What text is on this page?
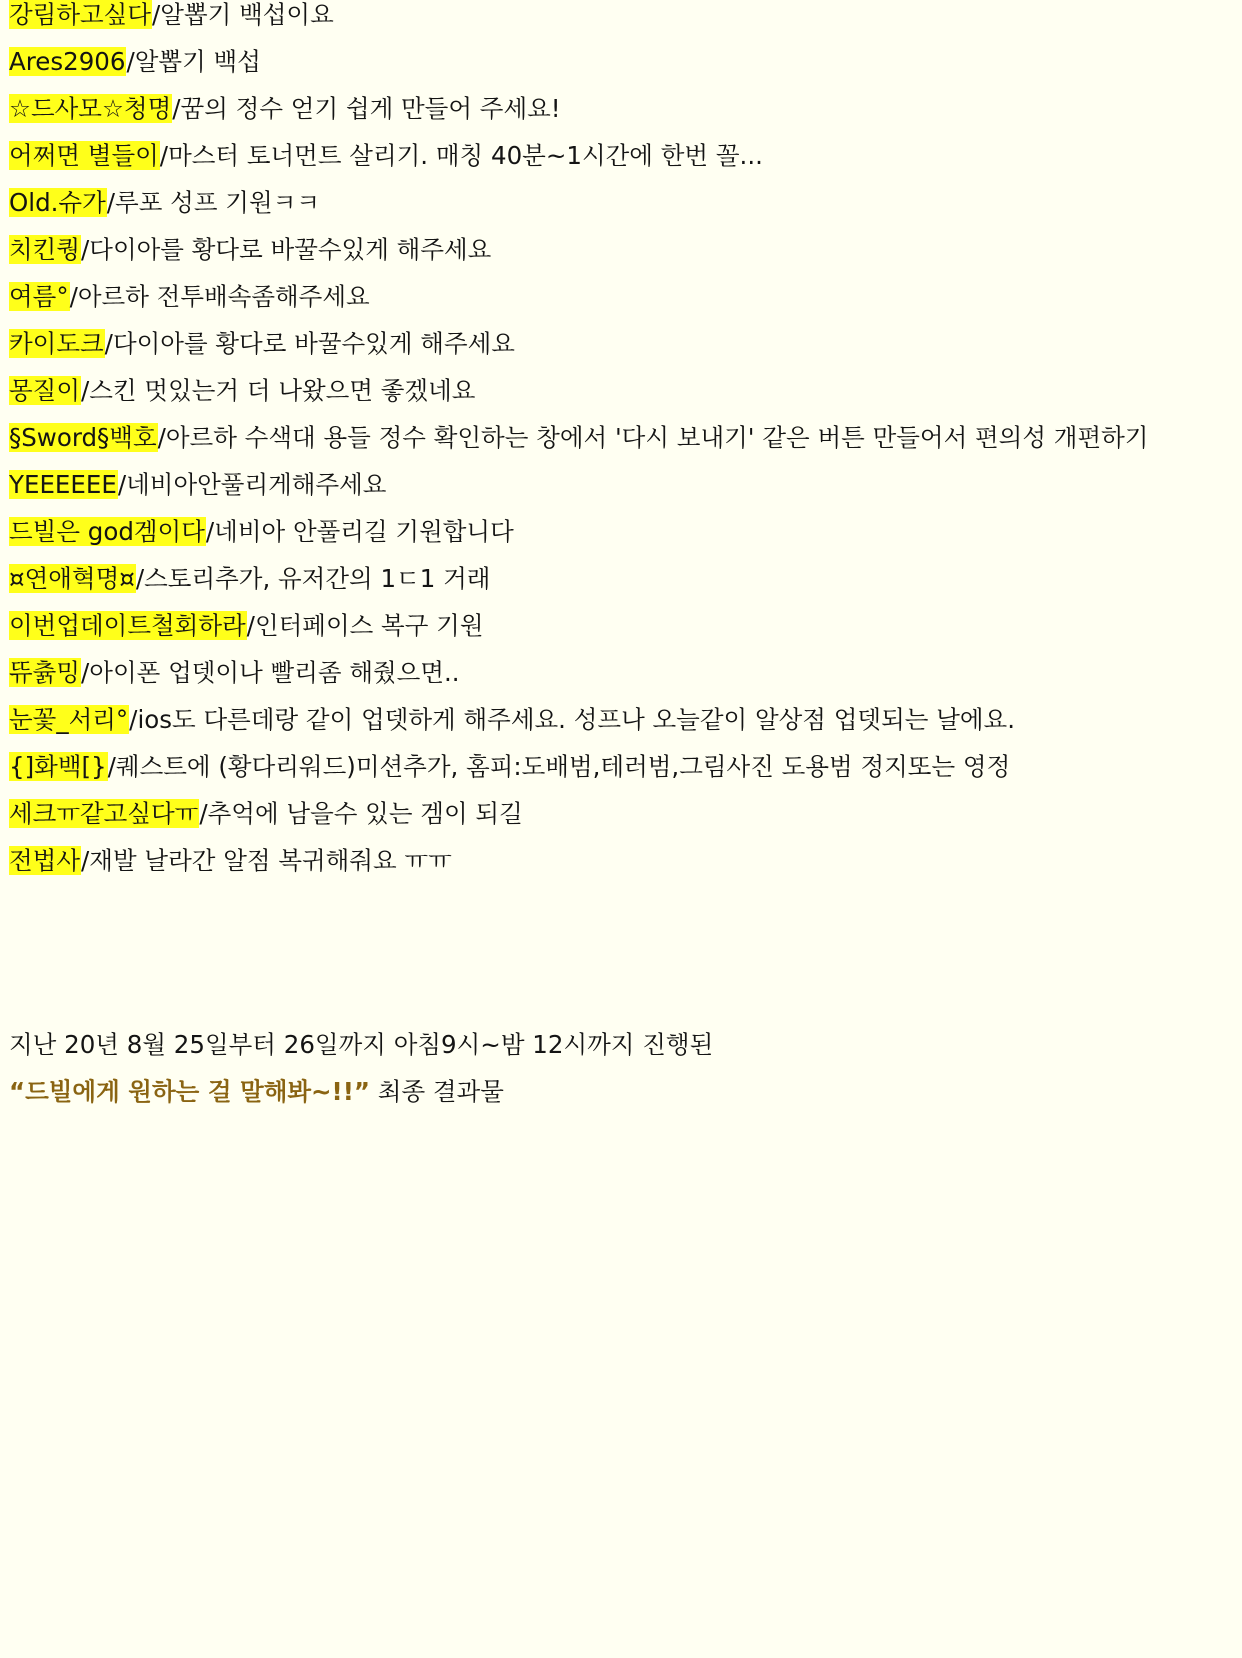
강림하고싶다/알뽑기 백섭이요
Ares2906/알뽑기 백섭
☆드사모☆청명/꿈의 정수 얻기 쉽게 만들어 주세요!
어쩌면 별들이/마스터 토너먼트 살리기. 매칭 40분~1시간에 한번 꼴...
Old.슈가/루포 성프 기원ㅋㅋ
치킨퀑/다이아를 황다로 바꿀수있게 해주세요
여름°/아르하 전투배속좀해주세요
카이도크/다이아를 황다로 바꿀수있게 해주세요
몽질이/스킨 멋있는거 더 나왔으면 좋겠네요
§Sword§백호/아르하 수색대 용들 정수 확인하는 창에서 '다시 보내기' 같은 버튼 만들어서 편의성 개편하기
YEEEEEE/네비아안풀리게해주세요
드빌은 god겜이다/네비아 안풀리길 기원합니다
¤연애혁명¤/스토리추가, 유저간의 1ㄷ1 거래
이번업데이트철회하라/인터페이스 복구 기원
뜌츍밍/아이폰 업뎃이나 빨리좀 해줬으면..
눈꽃_서리°/ios도 다른데랑 같이 업뎃하게 해주세요. 성프나 오늘같이 알상점 업뎃되는 날에요.
{]화백[}/퀘스트에 (황다리워드)미션추가, 홈피:도배범,테러범,그림사진 도용범 정지또는 영정
세크ㅠ같고싶다ㅠ/추억에 남을수 있는 겜이 되길
전법사/재발 날라간 알점 복귀해줘요 ㅠㅠ
지난 20년 8월 25일부터 26일까지 아침9시~밤 12시까지 진행된
“드빌에게 원하는 걸 말해봐~!!” 최종 결과물
